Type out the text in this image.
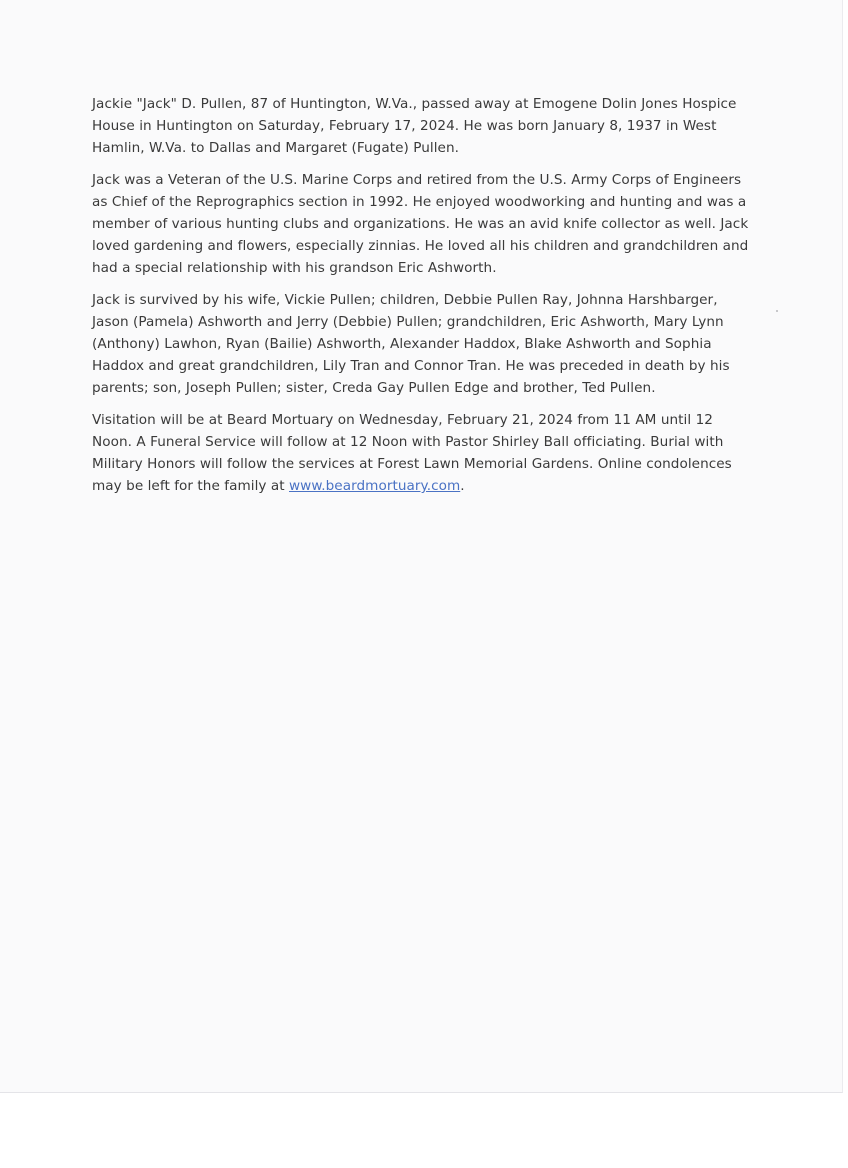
Jackie "Jack" D. Pullen, 87 of Huntington, W.Va., passed away at Emogene Dolin Jones Hospice House in Huntington on Saturday, February 17, 2024. He was born January 8, 1937 in West Hamlin, W.Va. to Dallas and Margaret (Fugate) Pullen.

Jack was a Veteran of the U.S. Marine Corps and retired from the U.S. Army Corps of Engineers as Chief of the Reprographics section in 1992. He enjoyed woodworking and hunting and was a member of various hunting clubs and organizations. He was an avid knife collector as well. Jack loved gardening and flowers, especially zinnias. He loved all his children and grandchildren and had a special relationship with his grandson Eric Ashworth.

Jack is survived by his wife, Vickie Pullen; children, Debbie Pullen Ray, Johnna Harshbarger, Jason (Pamela) Ashworth and Jerry (Debbie) Pullen; grandchildren, Eric Ashworth, Mary Lynn (Anthony) Lawhon, Ryan (Bailie) Ashworth, Alexander Haddox, Blake Ashworth and Sophia Haddox and great grandchildren, Lily Tran and Connor Tran. He was preceded in death by his parents; son, Joseph Pullen; sister, Creda Gay Pullen Edge and brother, Ted Pullen.

Visitation will be at Beard Mortuary on Wednesday, February 21, 2024 from 11 AM until 12 Noon. A Funeral Service will follow at 12 Noon with Pastor Shirley Ball officiating. Burial with Military Honors will follow the services at Forest Lawn Memorial Gardens. Online condolences may be left for the family at www.beardmortuary.com.
